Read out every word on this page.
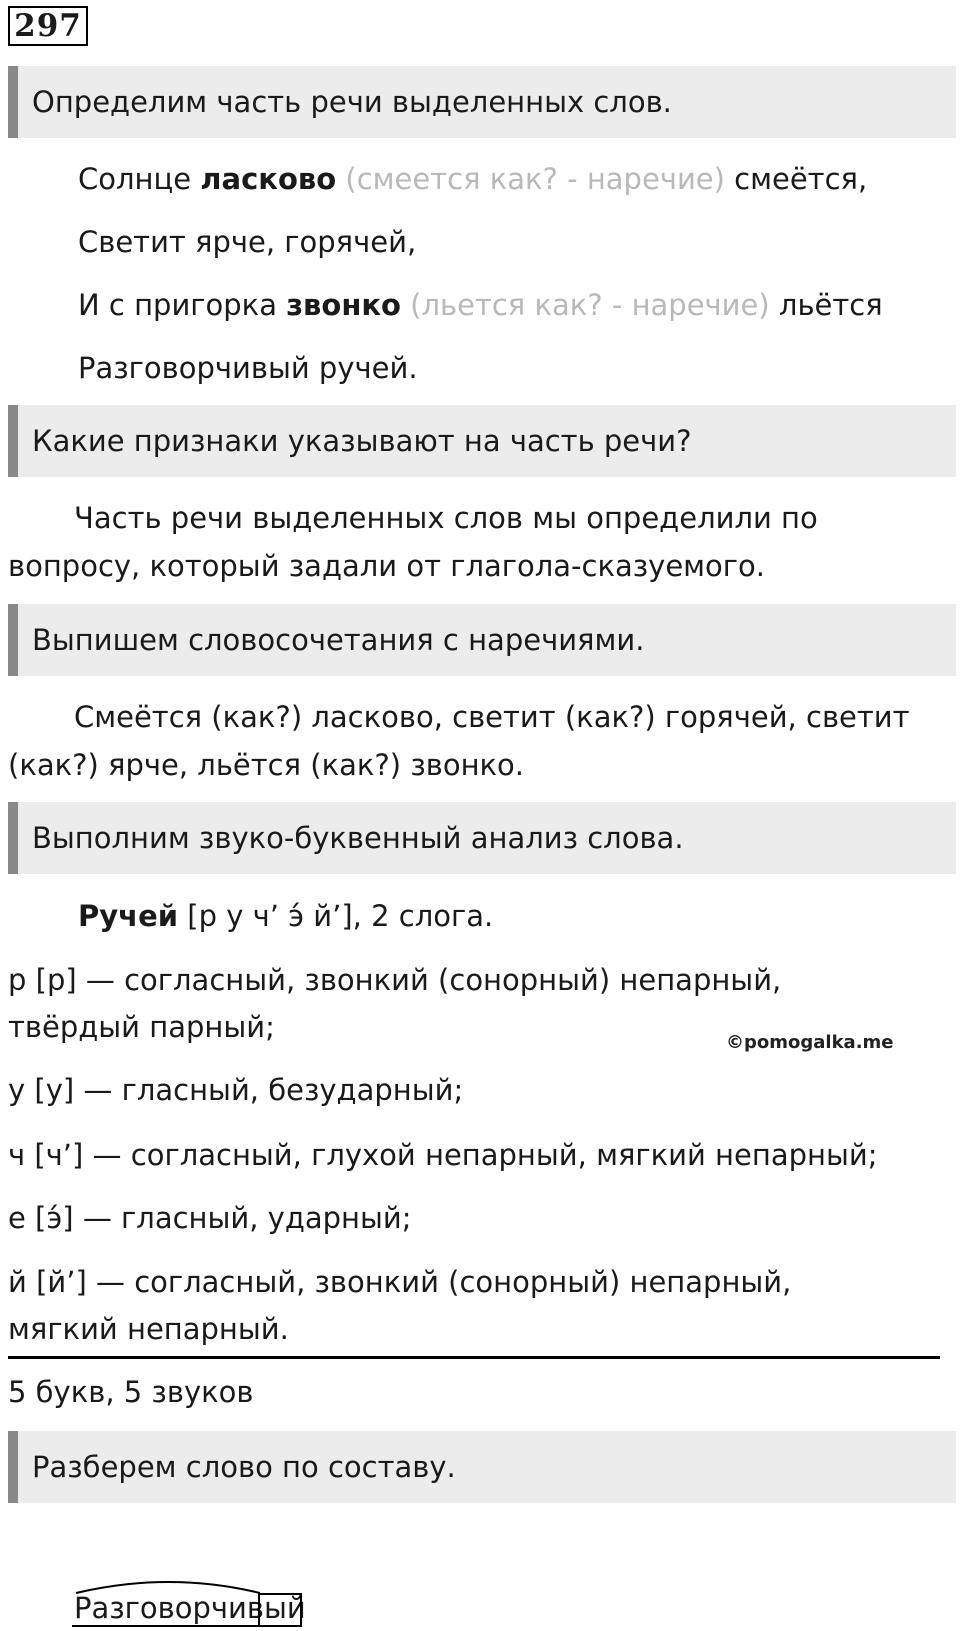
297
Определим часть речи выделенных слов.
Солнце ласково (смеется как? - наречие) смеётся,
Светит ярче, горячей,
И с пригорка звонко (льется как? - наречие) льётся
Разговорчивый ручей.
Какие признаки указывают на часть речи?
Часть речи выделенных слов мы определили по
вопросу, который задали от глагола-сказуемого.
Выпишем словосочетания с наречиями.
Смеётся (как?) ласково, светит (как?) горячей, светит
(как?) ярче, льётся (как?) звонко.
Выполним звуко-буквенный анализ слова.
Ручей [р у ч’ э́ й’], 2 слога.
р [р] — согласный, звонкий (сонорный) непарный,
твёрдый парный;	©pomogalka.me
у [у] — гласный, безударный;
ч [ч’] — согласный, глухой непарный, мягкий непарный;
е [э́] — гласный, ударный;
й [й’] — согласный, звонкий (сонорный) непарный,
мягкий непарный.
5 букв, 5 звуков
Разберем слово по составу.
Разговорчивый
